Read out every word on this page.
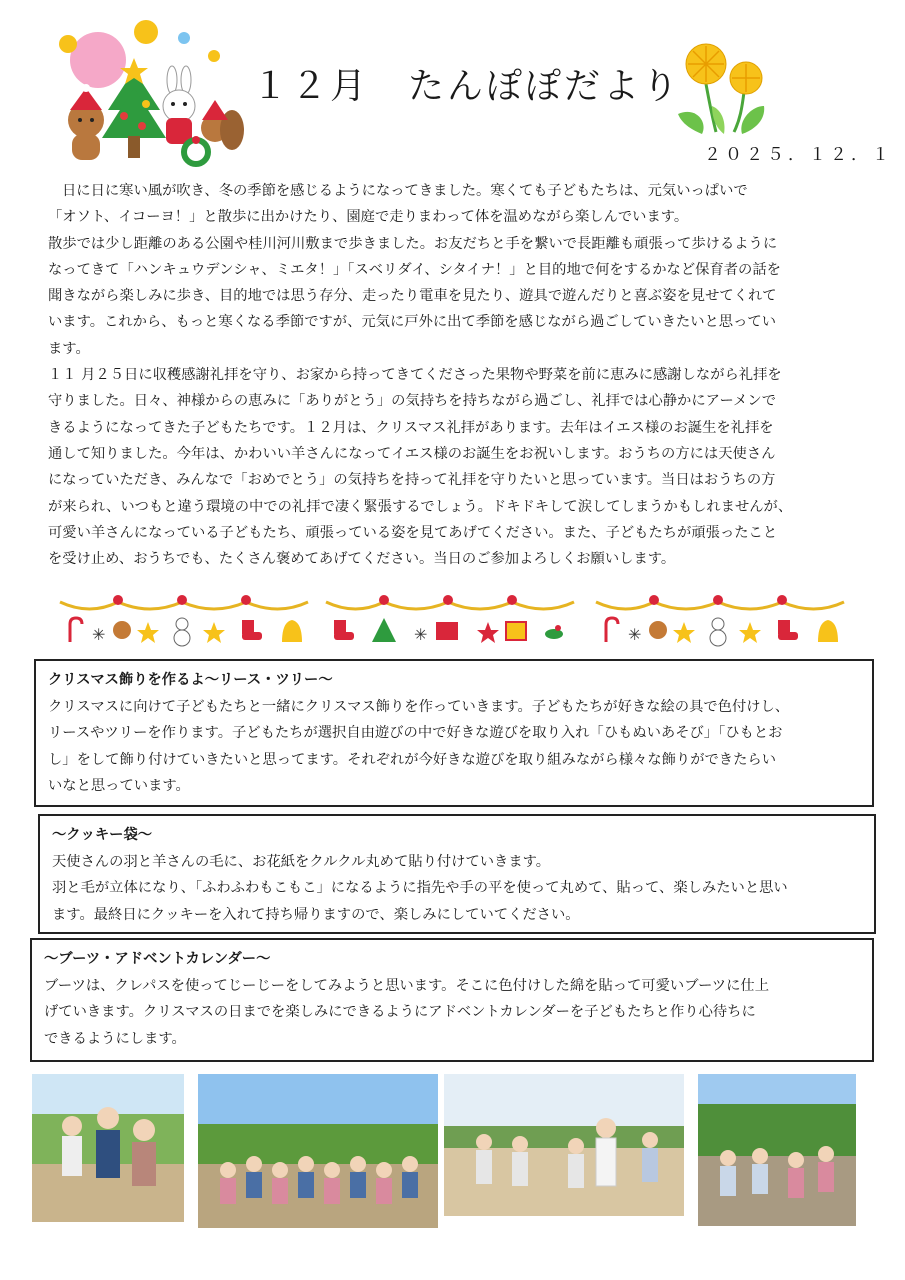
１２月　たんぽぽだより
２０２５．１２．１

日に日に寒い風が吹き、冬の季節を感じるようになってきました。寒くても子どもたちは、元気いっぱいで

「オソト、イコーヨ！」と散歩に出かけたり、園庭で走りまわって体を温めながら楽しんでいます。

散歩では少し距離のある公園や桂川河川敷まで歩きました。お友だちと手を繋いで長距離も頑張って歩けるように

なってきて「ハンキュウデンシャ、ミエタ！」「スベリダイ、シタイナ！」と目的地で何をするかなど保育者の話を

聞きながら楽しみに歩き、目的地では思う存分、走ったり電車を見たり、遊具で遊んだりと喜ぶ姿を見せてくれて

います。これから、もっと寒くなる季節ですが、元気に戸外に出て季節を感じながら過ごしていきたいと思ってい

ます。

１１ 月２５日に収穫感謝礼拝を守り、お家から持ってきてくださった果物や野菜を前に恵みに感謝しながら礼拝を

守りました。日々、神様からの恵みに「ありがとう」の気持ちを持ちながら過ごし、礼拝では心静かにアーメンで

きるようになってきた子どもたちです。１２月は、クリスマス礼拝があります。去年はイエス様のお誕生を礼拝を

通して知りました。今年は、かわいい羊さんになってイエス様のお誕生をお祝いします。おうちの方には天使さん

になっていただき、みんなで「おめでとう」の気持ちを持って礼拝を守りたいと思っています。当日はおうちの方

が来られ、いつもと違う環境の中での礼拝で凄く緊張するでしょう。ドキドキして涙してしまうかもしれませんが、

可愛い羊さんになっている子どもたち、頑張っている姿を見てあげてください。また、子どもたちが頑張ったこと

を受け止め、おうちでも、たくさん褒めてあげてください。当日のご参加よろしくお願いします。

✳	✳	✳

クリスマス飾りを作るよ～リース・ツリー～

クリスマスに向けて子どもたちと一緒にクリスマス飾りを作っていきます。子どもたちが好きな絵の具で色付けし、

リースやツリーを作ります。子どもたちが選択自由遊びの中で好きな遊びを取り入れ「ひもぬいあそび」「ひもとお

し」をして飾り付けていきたいと思ってます。それぞれが今好きな遊びを取り組みながら様々な飾りができたらい

いなと思っています。

～クッキー袋～

天使さんの羽と羊さんの毛に、お花紙をクルクル丸めて貼り付けていきます。

羽と毛が立体になり、「ふわふわもこもこ」になるように指先や手の平を使って丸めて、貼って、楽しみたいと思い

ます。最終日にクッキーを入れて持ち帰りますので、楽しみにしていてください。

～ブーツ・アドベントカレンダー～

ブーツは、クレパスを使ってじーじーをしてみようと思います。そこに色付けした綿を貼って可愛いブーツに仕上

げていきます。クリスマスの日までを楽しみにできるようにアドベントカレンダーを子どもたちと作り心待ちに

できるようにします。
